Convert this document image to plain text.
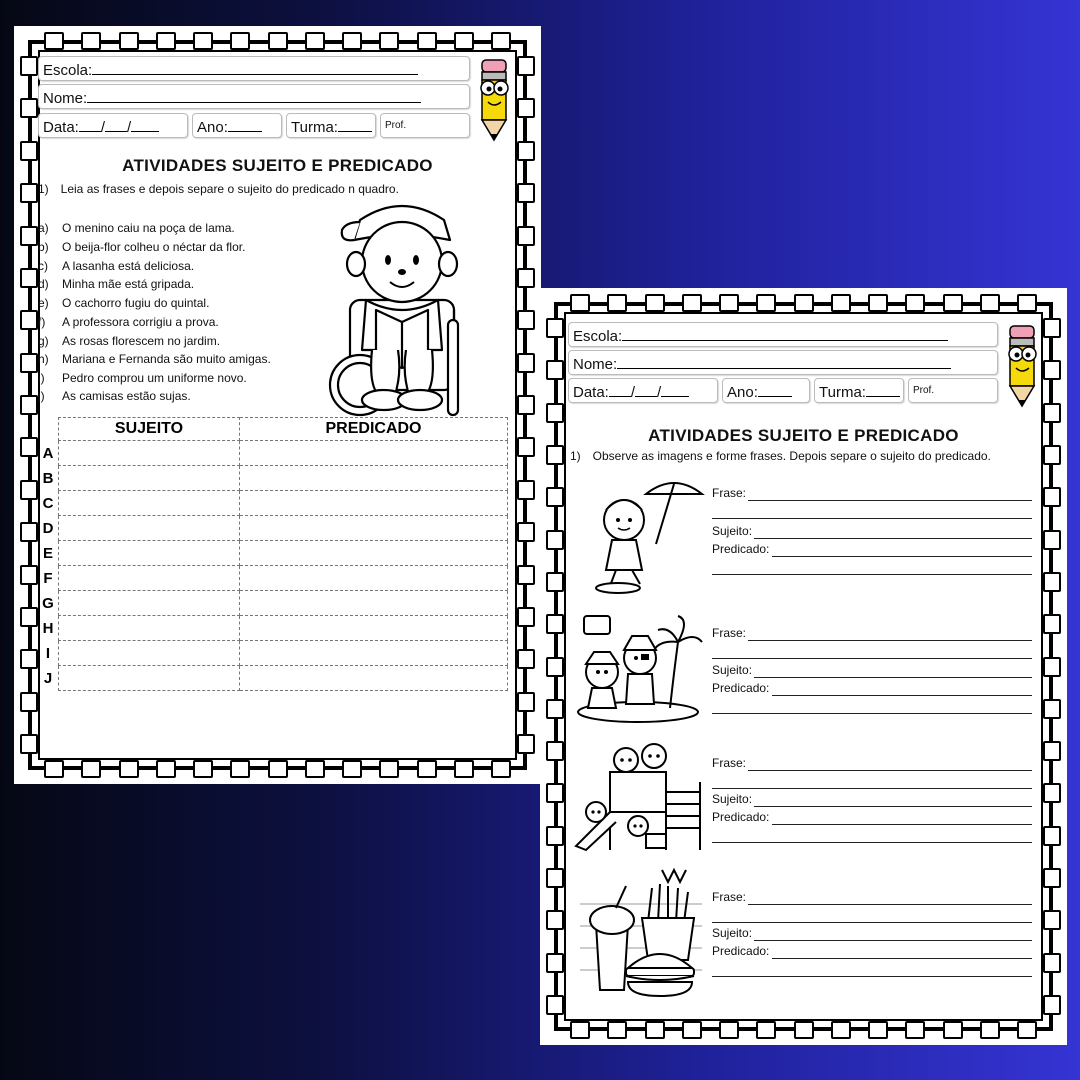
Escola:
Nome:
Data: / /	Ano:	Turma:	Prof.
ATIVIDADES SUJEITO E PREDICADO
1) Leia as frases e depois separe o sujeito do predicado n quadro.
a) O menino caiu na poça de lama.
b) O beija-flor colheu o néctar da flor.
c) A lasanha está deliciosa.
d) Minha mãe está gripada.
e) O cachorro fugiu do quintal.
f) A professora corrigiu a prova.
g) As rosas florescem no jardim.
h) Mariana e Fernanda são muito amigas.
i) Pedro comprou um uniforme novo.
j) As camisas estão sujas.
	SUJEITO	PREDICADO
A		
B		
C		
D		
E		
F		
G		
H		
I		
J		
Escola:
Nome:
Data: / /	Ano:	Turma:	Prof.
ATIVIDADES SUJEITO E PREDICADO
1) Observe as imagens e forme frases. Depois separe o sujeito do predicado.
Frase:
Sujeito:
Predicado:
Frase:
Sujeito:
Predicado:
Frase:
Sujeito:
Predicado:
Frase:
Sujeito:
Predicado:
